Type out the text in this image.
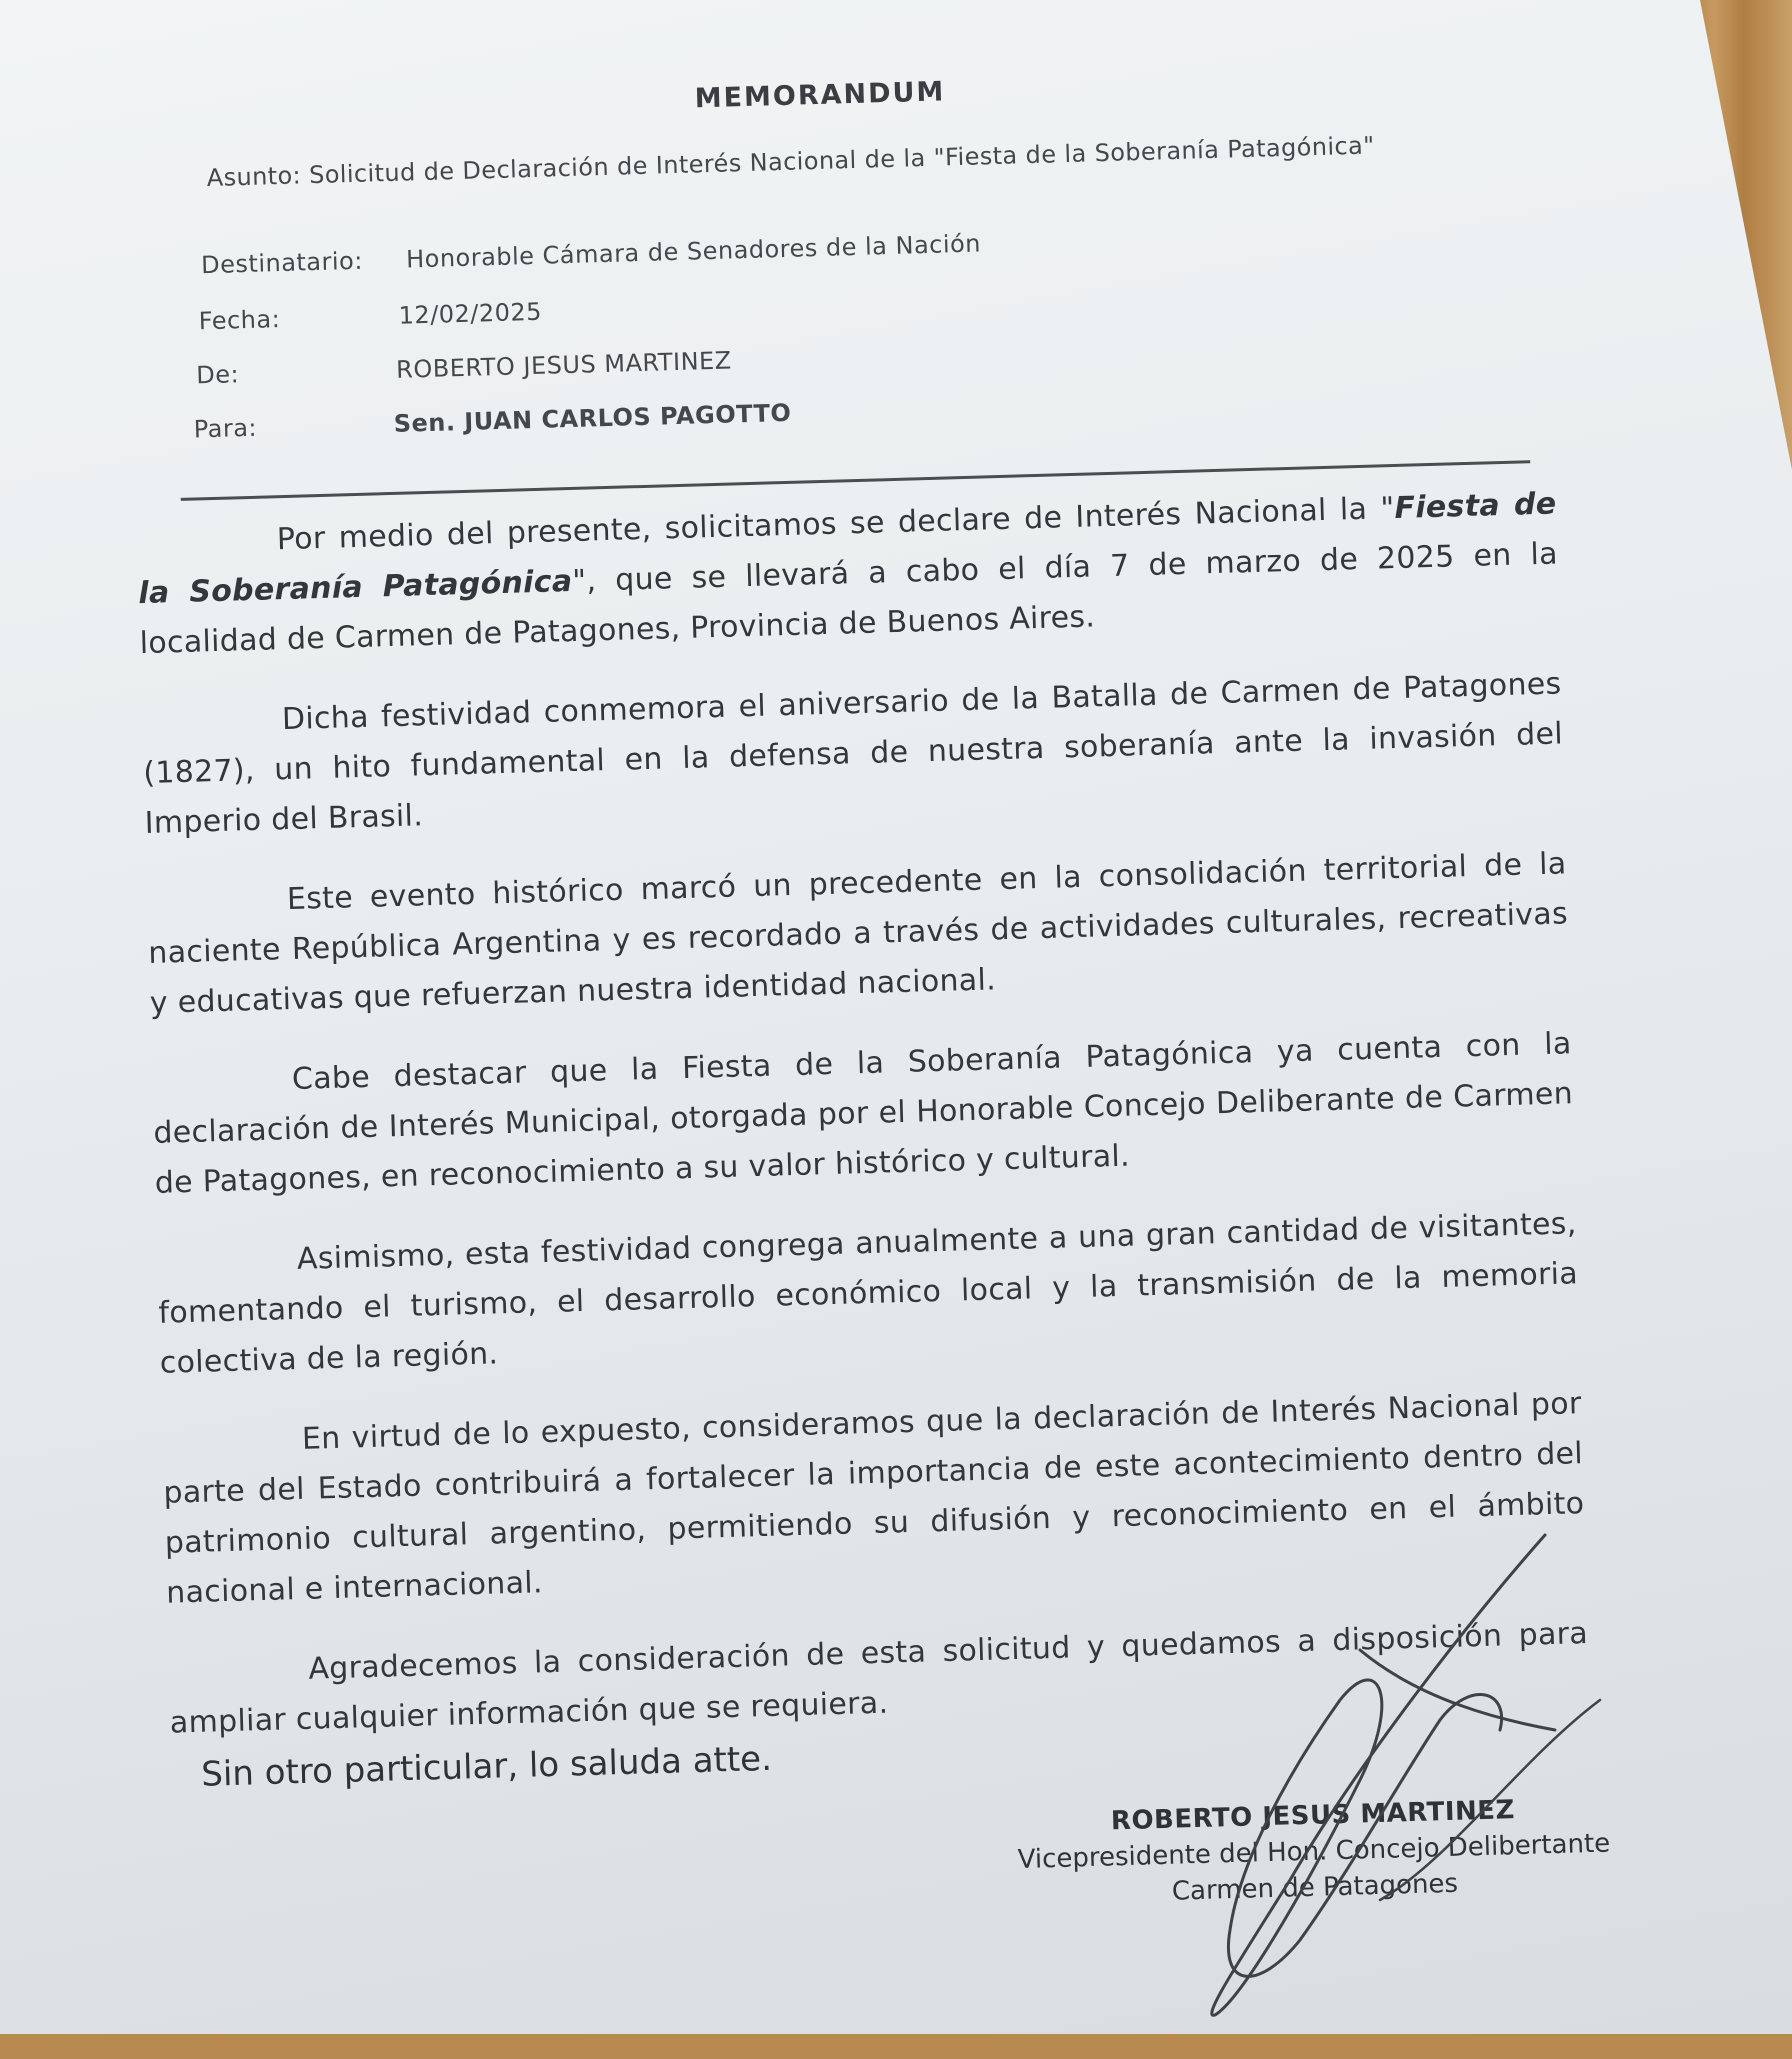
MEMORANDUM
Asunto: Solicitud de Declaración de Interés Nacional de la "Fiesta de la Soberanía Patagónica"
Destinatario: Honorable Cámara de Senadores de la Nación
Fecha:	12/02/2025
De:	ROBERTO JESUS MARTINEZ
Para:	Sen. JUAN CARLOS PAGOTTO

Por medio del presente, solicitamos se declare de Interés Nacional la "Fiesta de la Soberanía Patagónica", que se llevará a cabo el día 7 de marzo de 2025 en la localidad de Carmen de Patagones, Provincia de Buenos Aires.

Dicha festividad conmemora el aniversario de la Batalla de Carmen de Patagones (1827), un hito fundamental en la defensa de nuestra soberanía ante la invasión del Imperio del Brasil.

Este evento histórico marcó un precedente en la consolidación territorial de la naciente República Argentina y es recordado a través de actividades culturales, recreativas y educativas que refuerzan nuestra identidad nacional.

Cabe destacar que la Fiesta de la Soberanía Patagónica ya cuenta con la declaración de Interés Municipal, otorgada por el Honorable Concejo Deliberante de Carmen de Patagones, en reconocimiento a su valor histórico y cultural.

Asimismo, esta festividad congrega anualmente a una gran cantidad de visitantes, fomentando el turismo, el desarrollo económico local y la transmisión de la memoria colectiva de la región.

En virtud de lo expuesto, consideramos que la declaración de Interés Nacional por parte del Estado contribuirá a fortalecer la importancia de este acontecimiento dentro del patrimonio cultural argentino, permitiendo su difusión y reconocimiento en el ámbito nacional e internacional.

Agradecemos la consideración de esta solicitud y quedamos a disposición para ampliar cualquier información que se requiera.

Sin otro particular, lo saluda atte.
ROBERTO JESUS MARTINEZ
Vicepresidente del Hon. Concejo Delibertante
Carmen de Patagones
